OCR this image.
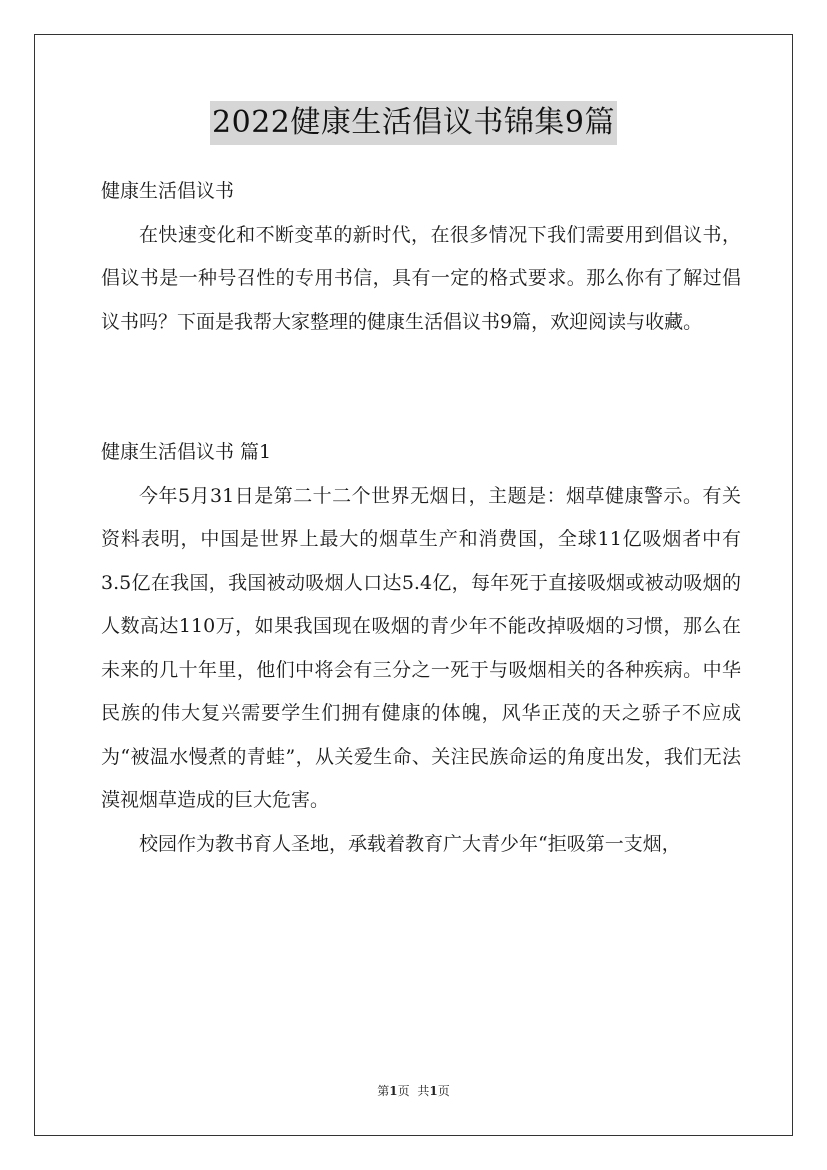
2022健康生活倡议书锦集9篇

健康生活倡议书

在快速变化和不断变革的新时代，在很多情况下我们需要用到倡议书，倡议书是一种号召性的专用书信，具有一定的格式要求。那么你有了解过倡议书吗？下面是我帮大家整理的健康生活倡议书9篇，欢迎阅读与收藏。

健康生活倡议书 篇1

今年5月31日是第二十二个世界无烟日，主题是：烟草健康警示。有关资料表明，中国是世界上最大的烟草生产和消费国，全球11亿吸烟者中有3.5亿在我国，我国被动吸烟人口达5.4亿，每年死于直接吸烟或被动吸烟的人数高达110万，如果我国现在吸烟的青少年不能改掉吸烟的习惯，那么在未来的几十年里，他们中将会有三分之一死于与吸烟相关的各种疾病。中华民族的伟大复兴需要学生们拥有健康的体魄，风华正茂的天之骄子不应成为“被温水慢煮的青蛙”，从关爱生命、关注民族命运的角度出发，我们无法漠视烟草造成的巨大危害。

校园作为教书育人圣地，承载着教育广大青少年“拒吸第一支烟，

第1页 共1页
